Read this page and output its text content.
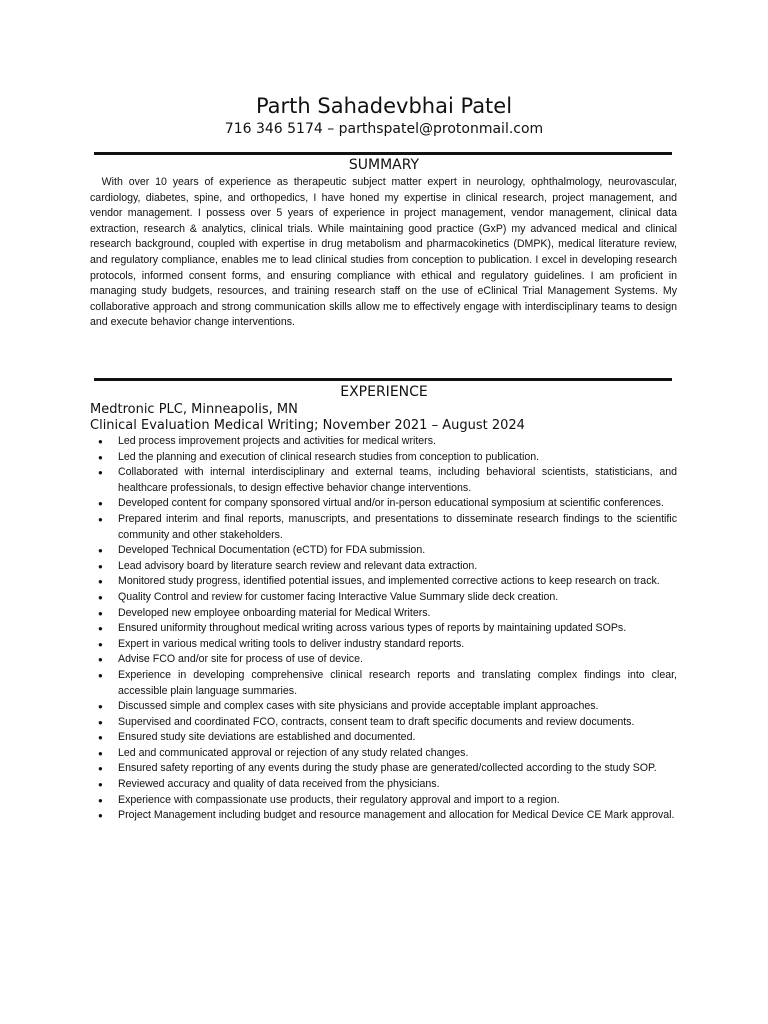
Parth Sahadevbhai Patel
716 346 5174 – parthspatel@protonmail.com
SUMMARY

With over 10 years of experience as therapeutic subject matter expert in neurology, ophthalmology, neurovascular, cardiology, diabetes, spine, and orthopedics, I have honed my expertise in clinical research, project management, and vendor management. I possess over 5 years of experience in project management, vendor management, clinical data extraction, research & analytics, clinical trials. While maintaining good practice (GxP) my advanced medical and clinical research background, coupled with expertise in drug metabolism and pharmacokinetics (DMPK), medical literature review, and regulatory compliance, enables me to lead clinical studies from conception to publication. I excel in developing research protocols, informed consent forms, and ensuring compliance with ethical and regulatory guidelines. I am proficient in managing study budgets, resources, and training research staff on the use of eClinical Trial Management Systems. My collaborative approach and strong communication skills allow me to effectively engage with interdisciplinary teams to design and execute behavior change interventions.

EXPERIENCE
Medtronic PLC, Minneapolis, MN
Clinical Evaluation Medical Writing; November 2021 – August 2024
● Led process improvement projects and activities for medical writers.
● Led the planning and execution of clinical research studies from conception to publication.
● Collaborated with internal interdisciplinary and external teams, including behavioral scientists, statisticians, and healthcare professionals, to design effective behavior change interventions.
● Developed content for company sponsored virtual and/or in-person educational symposium at scientific conferences.
● Prepared interim and final reports, manuscripts, and presentations to disseminate research findings to the scientific community and other stakeholders.
● Developed Technical Documentation (eCTD) for FDA submission.
● Lead advisory board by literature search review and relevant data extraction.
● Monitored study progress, identified potential issues, and implemented corrective actions to keep research on track.
● Quality Control and review for customer facing Interactive Value Summary slide deck creation.
● Developed new employee onboarding material for Medical Writers.
● Ensured uniformity throughout medical writing across various types of reports by maintaining updated SOPs.
● Expert in various medical writing tools to deliver industry standard reports.
● Advise FCO and/or site for process of use of device.
● Experience in developing comprehensive clinical research reports and translating complex findings into clear, accessible plain language summaries.
● Discussed simple and complex cases with site physicians and provide acceptable implant approaches.
● Supervised and coordinated FCO, contracts, consent team to draft specific documents and review documents.
● Ensured study site deviations are established and documented.
● Led and communicated approval or rejection of any study related changes.
● Ensured safety reporting of any events during the study phase are generated/collected according to the study SOP.
● Reviewed accuracy and quality of data received from the physicians.
● Experience with compassionate use products, their regulatory approval and import to a region.
● Project Management including budget and resource management and allocation for Medical Device CE Mark approval.
